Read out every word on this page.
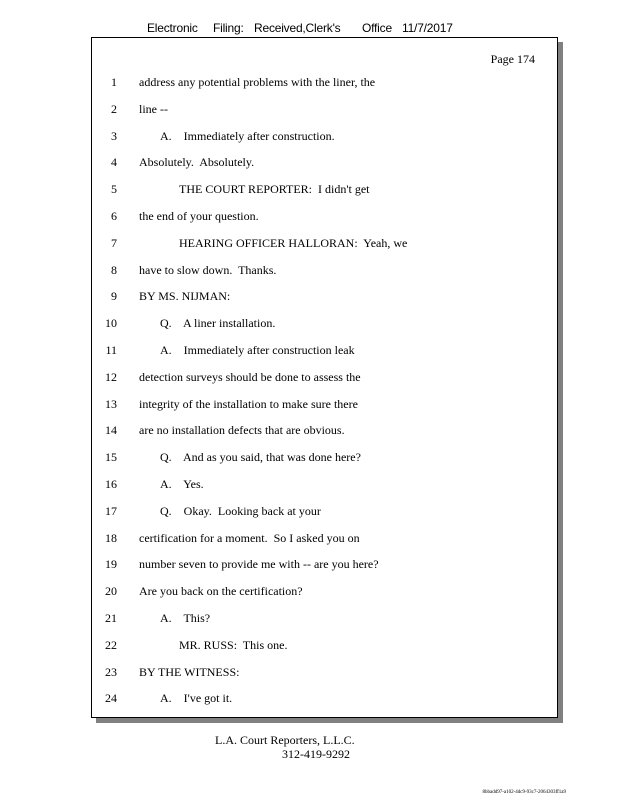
Electronic Filing: Received,Clerk's Office 11/7/2017
Page 174
1 address any potential problems with the liner, the
2 line --
3	A.    Immediately after construction.
4 Absolutely.  Absolutely.
5	THE COURT REPORTER:  I didn't get
6 the end of your question.
7	HEARING OFFICER HALLORAN:  Yeah, we
8 have to slow down.  Thanks.
9 BY MS. NIJMAN:
10	Q.    A liner installation.
11	A.    Immediately after construction leak
12 detection surveys should be done to assess the
13 integrity of the installation to make sure there
14 are no installation defects that are obvious.
15	Q.    And as you said, that was done here?
16	A.    Yes.
17	Q.    Okay.  Looking back at your
18 certification for a moment.  So I asked you on
19 number seven to provide me with -- are you here?
20 Are you back on the certification?
21	A.    This?
22	MR. RUSS:  This one.
23 BY THE WITNESS:
24	A.    I've got it.
L.A. Court Reporters, L.L.C.
312-419-9292
8bbadd97-a102-4dc9-93c7-2064303ff1a9
